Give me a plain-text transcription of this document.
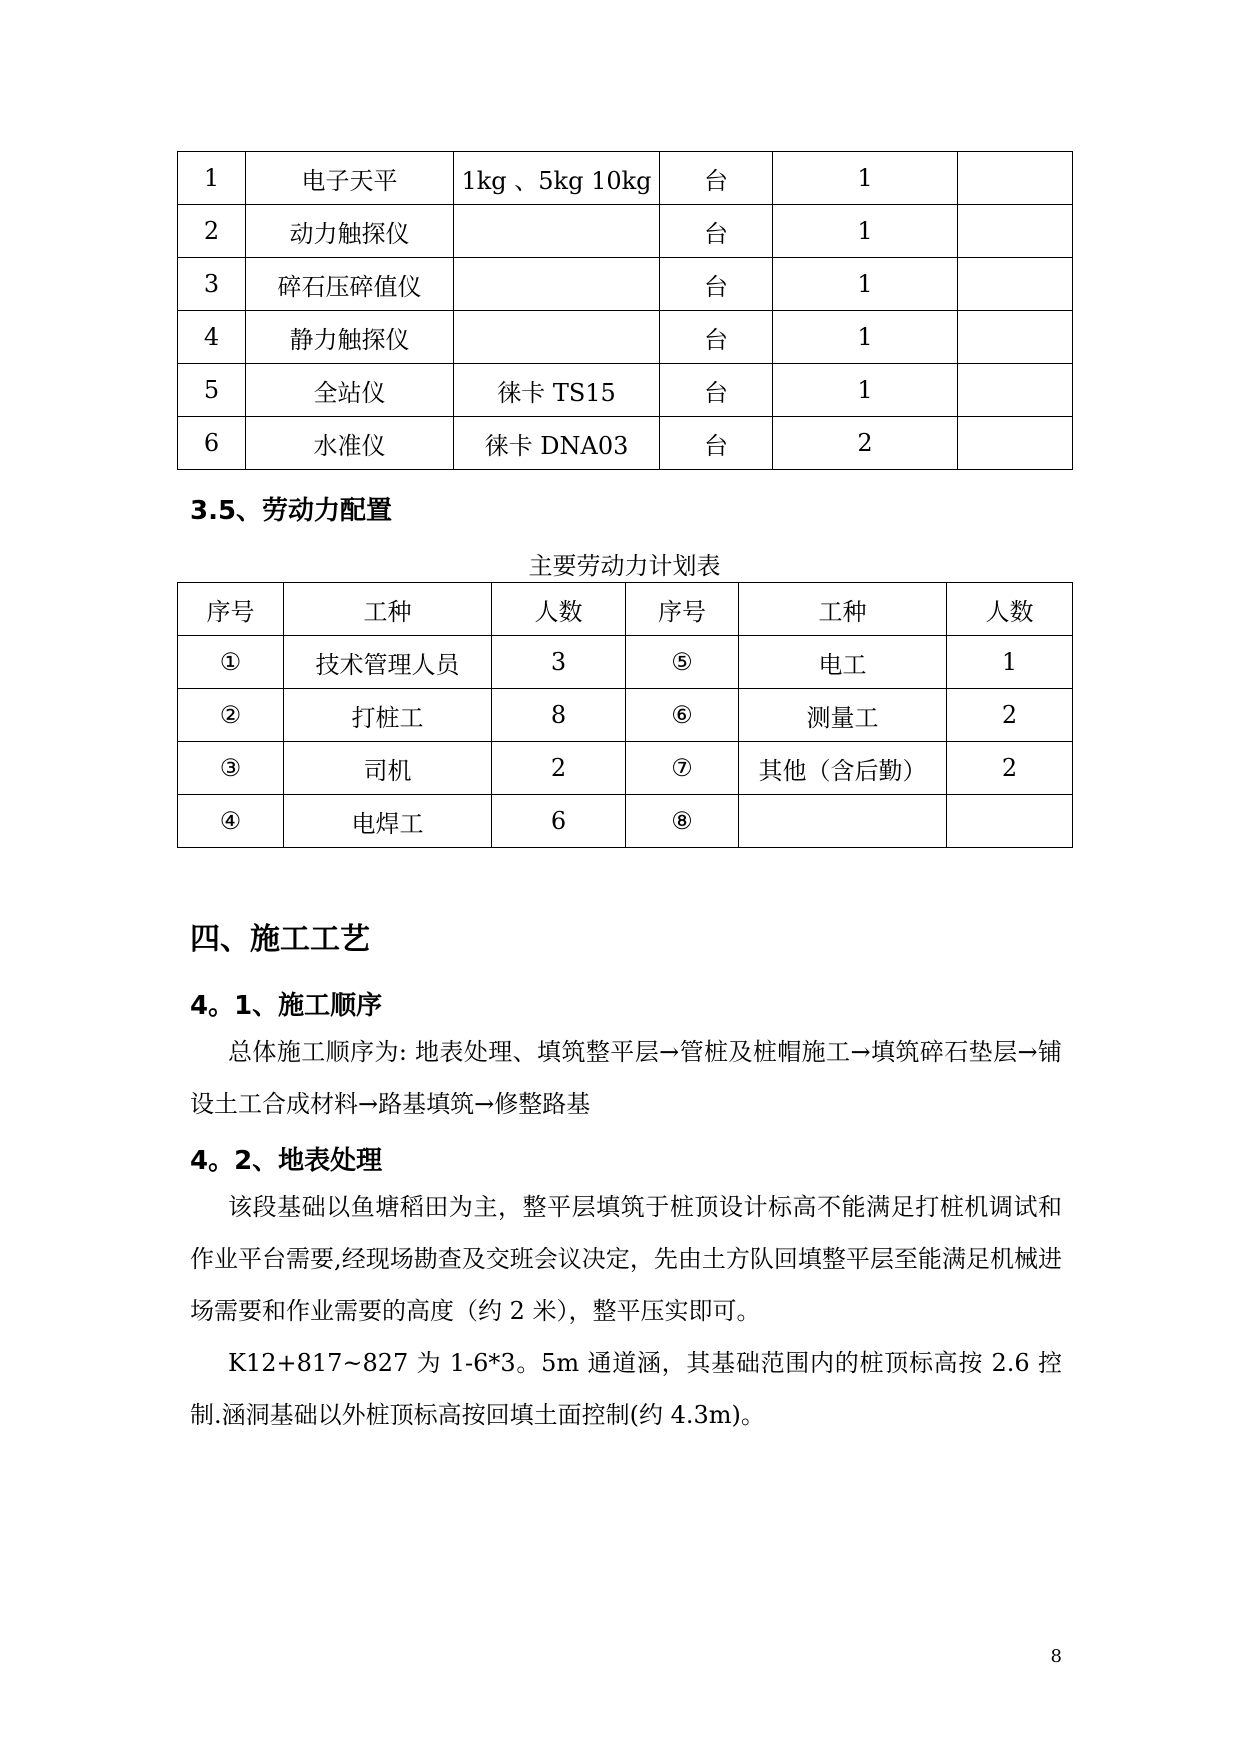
1	电子天平	1kg 、5kg 10kg	台	1	
2	动力触探仪		台	1	
3	碎石压碎值仪		台	1	
4	静力触探仪		台	1	
5	全站仪	徕卡 TS15	台	1	
6	水准仪	徕卡 DNA03	台	2	
3.5、劳动力配置
主要劳动力计划表
序号	工种	人数	序号	工种	人数
①	技术管理人员	3	⑤	电工	1
②	打桩工	8	⑥	测量工	2
③	司机	2	⑦	其他（含后勤）	2
④	电焊工	6	⑧		
四、施工工艺
4。1、施工顺序

总体施工顺序为: 地表处理、填筑整平层→管桩及桩帽施工→填筑碎石垫层→铺设土工合成材料→路基填筑→修整路基

4。2、地表处理

该段基础以鱼塘稻田为主，整平层填筑于桩顶设计标高不能满足打桩机调试和作业平台需要,经现场勘查及交班会议决定，先由土方队回填整平层至能满足机械进场需要和作业需要的高度（约 2 米），整平压实即可。

K12+817~827 为 1-6*3。5m 通道涵，其基础范围内的桩顶标高按 2.6 控制.涵洞基础以外桩顶标高按回填土面控制(约 4.3m)。

8
